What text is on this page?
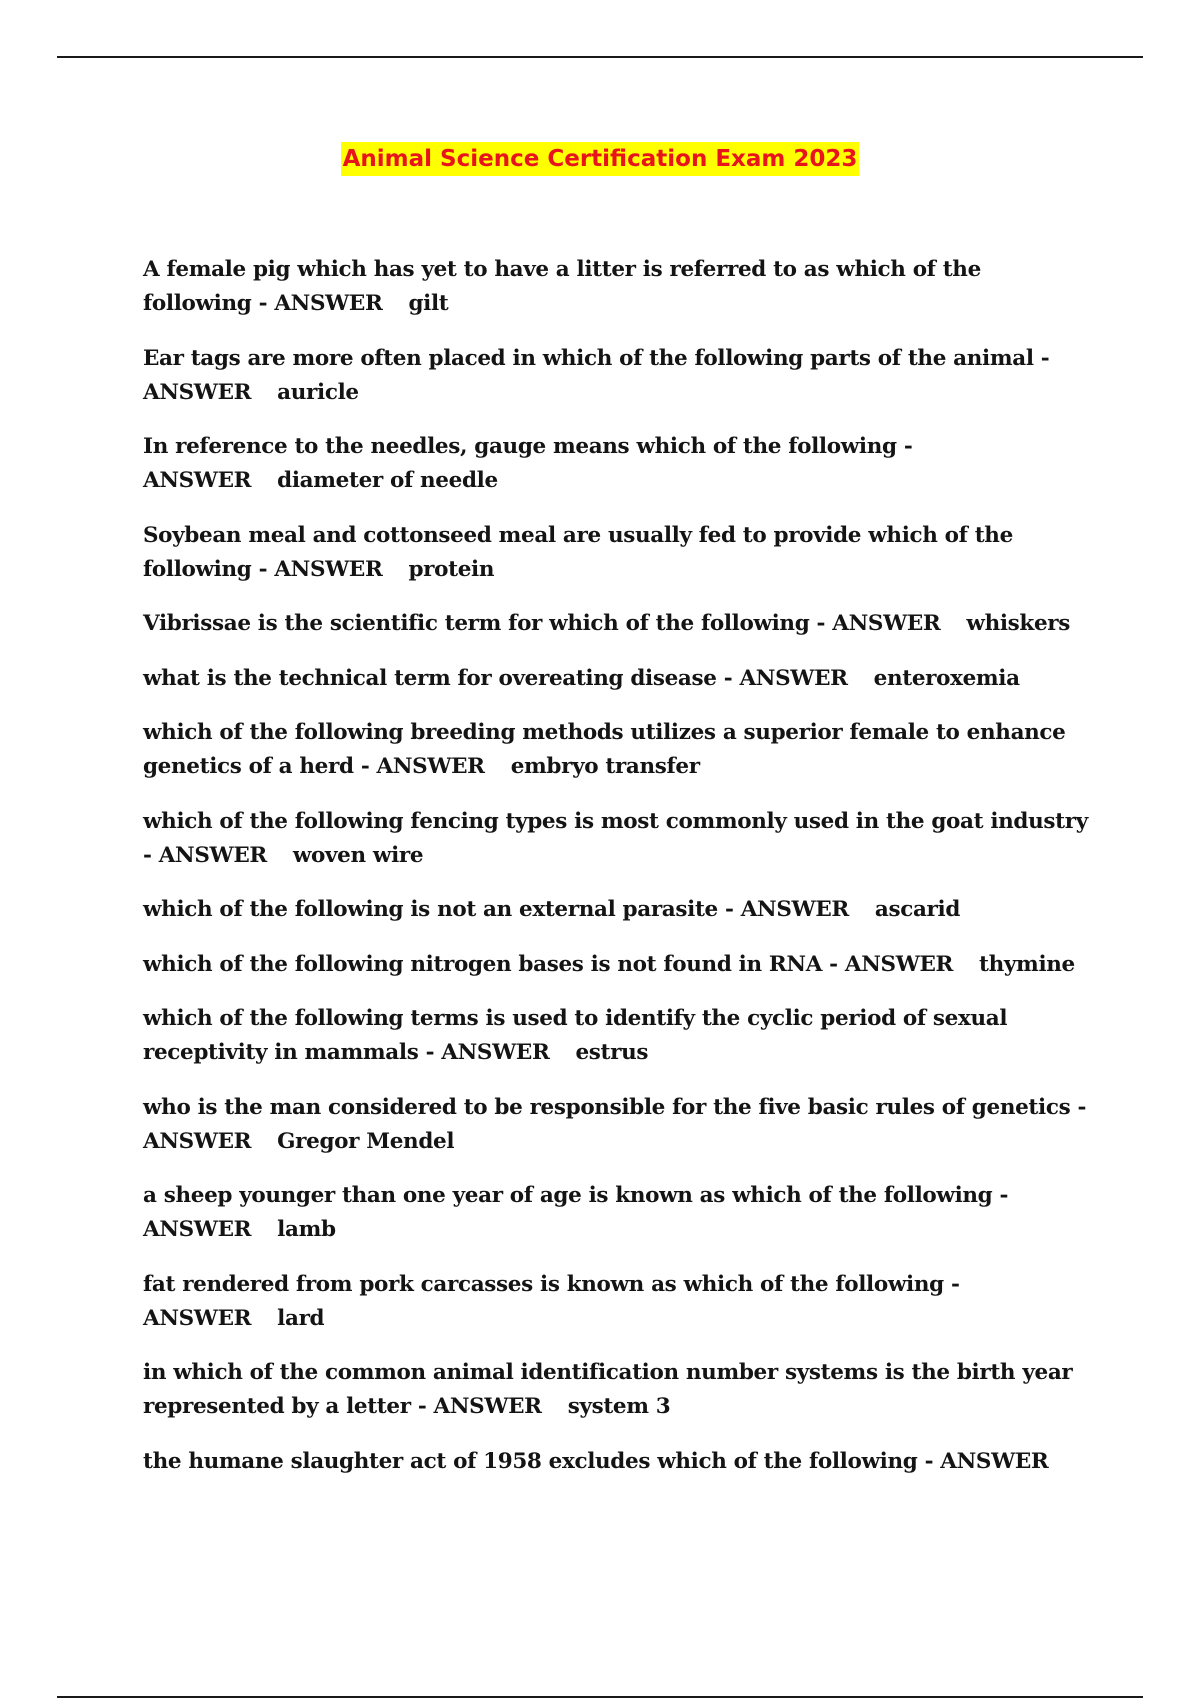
Animal Science Certification Exam 2023
A female pig which has yet to have a litter is referred to as which of the following - ANSWER gilt
Ear tags are more often placed in which of the following parts of the animal - ANSWER auricle
In reference to the needles, gauge means which of the following - ANSWER diameter of needle
Soybean meal and cottonseed meal are usually fed to provide which of the following - ANSWER protein
Vibrissae is the scientific term for which of the following - ANSWER whiskers
what is the technical term for overeating disease - ANSWER enteroxemia
which of the following breeding methods utilizes a superior female to enhance genetics of a herd - ANSWER embryo transfer
which of the following fencing types is most commonly used in the goat industry - ANSWER woven wire
which of the following is not an external parasite - ANSWER ascarid
which of the following nitrogen bases is not found in RNA - ANSWER thymine
which of the following terms is used to identify the cyclic period of sexual receptivity in mammals - ANSWER estrus
who is the man considered to be responsible for the five basic rules of genetics - ANSWER Gregor Mendel
a sheep younger than one year of age is known as which of the following - ANSWER lamb
fat rendered from pork carcasses is known as which of the following - ANSWER lard
in which of the common animal identification number systems is the birth year represented by a letter - ANSWER system 3
the humane slaughter act of 1958 excludes which of the following - ANSWER
